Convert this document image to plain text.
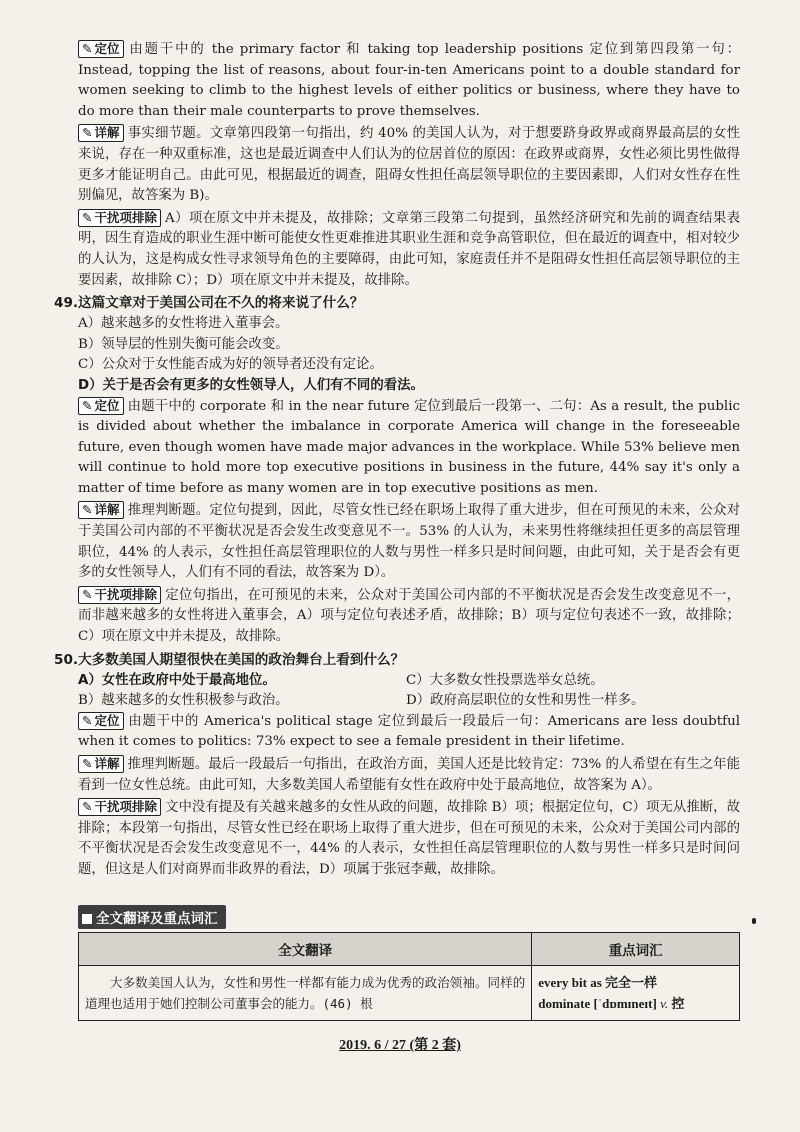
✎ 定位 由题干中的 the primary factor 和 taking top leadership positions 定位到第四段第一句：Instead, topping the list of reasons, about four-in-ten Americans point to a double standard for women seeking to climb to the highest levels of either politics or business, where they have to do more than their male counterparts to prove themselves.

✎ 详解 事实细节题。文章第四段第一句指出，约 40% 的美国人认为，对于想要跻身政界或商界最高层的女性来说，存在一种双重标准，这也是最近调查中人们认为的位居首位的原因：在政界或商界，女性必须比男性做得更多才能证明自己。由此可见，根据最近的调查，阻碍女性担任高层领导职位的主要因素即，人们对女性存在性别偏见，故答案为 B)。

✎ 干扰项排除 A）项在原文中并未提及，故排除；文章第三段第二句提到，虽然经济研究和先前的调查结果表明，因生育造成的职业生涯中断可能使女性更难推进其职业生涯和竞争高管职位，但在最近的调查中，相对较少的人认为，这是构成女性寻求领导角色的主要障碍，由此可知，家庭责任并不是阻碍女性担任高层领导职位的主要因素，故排除 C）；D）项在原文中并未提及，故排除。

49.这篇文章对于美国公司在不久的将来说了什么？
A）越来越多的女性将进入董事会。
B）领导层的性别失衡可能会改变。
C）公众对于女性能否成为好的领导者还没有定论。
D）关于是否会有更多的女性领导人，人们有不同的看法。

✎ 定位 由题干中的 corporate 和 in the near future 定位到最后一段第一、二句：As a result, the public is divided about whether the imbalance in corporate America will change in the foreseeable future, even though women have made major advances in the workplace. While 53% believe men will continue to hold more top executive positions in business in the future, 44% say it's only a matter of time before as many women are in top executive positions as men.

✎ 详解 推理判断题。定位句提到，因此，尽管女性已经在职场上取得了重大进步，但在可预见的未来，公众对于美国公司内部的不平衡状况是否会发生改变意见不一。53% 的人认为，未来男性将继续担任更多的高层管理职位，44% 的人表示，女性担任高层管理职位的人数与男性一样多只是时间问题，由此可知，关于是否会有更多的女性领导人，人们有不同的看法，故答案为 D）。

✎ 干扰项排除 定位句指出，在可预见的未来，公众对于美国公司内部的不平衡状况是否会发生改变意见不一，而非越来越多的女性将进入董事会，A）项与定位句表述矛盾，故排除；B）项与定位句表述不一致，故排除；C）项在原文中并未提及，故排除。

50.大多数美国人期望很快在美国的政治舞台上看到什么？
A）女性在政府中处于最高地位。	C）大多数女性投票选举女总统。
B）越来越多的女性积极参与政治。	D）政府高层职位的女性和男性一样多。

✎ 定位 由题干中的 America's political stage 定位到最后一段最后一句：Americans are less doubtful when it comes to politics: 73% expect to see a female president in their lifetime.

✎ 详解 推理判断题。最后一段最后一句指出，在政治方面，美国人还是比较肯定：73% 的人希望在有生之年能看到一位女性总统。由此可知，大多数美国人希望能有女性在政府中处于最高地位，故答案为 A）。

✎ 干扰项排除 文中没有提及有关越来越多的女性从政的问题，故排除 B）项；根据定位句，C）项无从推断，故排除；本段第一句指出，尽管女性已经在职场上取得了重大进步，但在可预见的未来，公众对于美国公司内部的不平衡状况是否会发生改变意见不一，44% 的人表示，女性担任高层管理职位的人数与男性一样多只是时间问题，但这是人们对商界而非政界的看法，D）项属于张冠李戴，故排除。

全文翻译及重点词汇
全文翻译	重点词汇

大多数美国人认为，女性和男性一样都有能力成为优秀的政治领袖。同样的道理也适用于她们控制公司董事会的能力。(46) 根	every bit as 完全一样
dominate [ˈdɒmɪneɪt] v. 控
2019. 6 / 27 (第 2 套)
